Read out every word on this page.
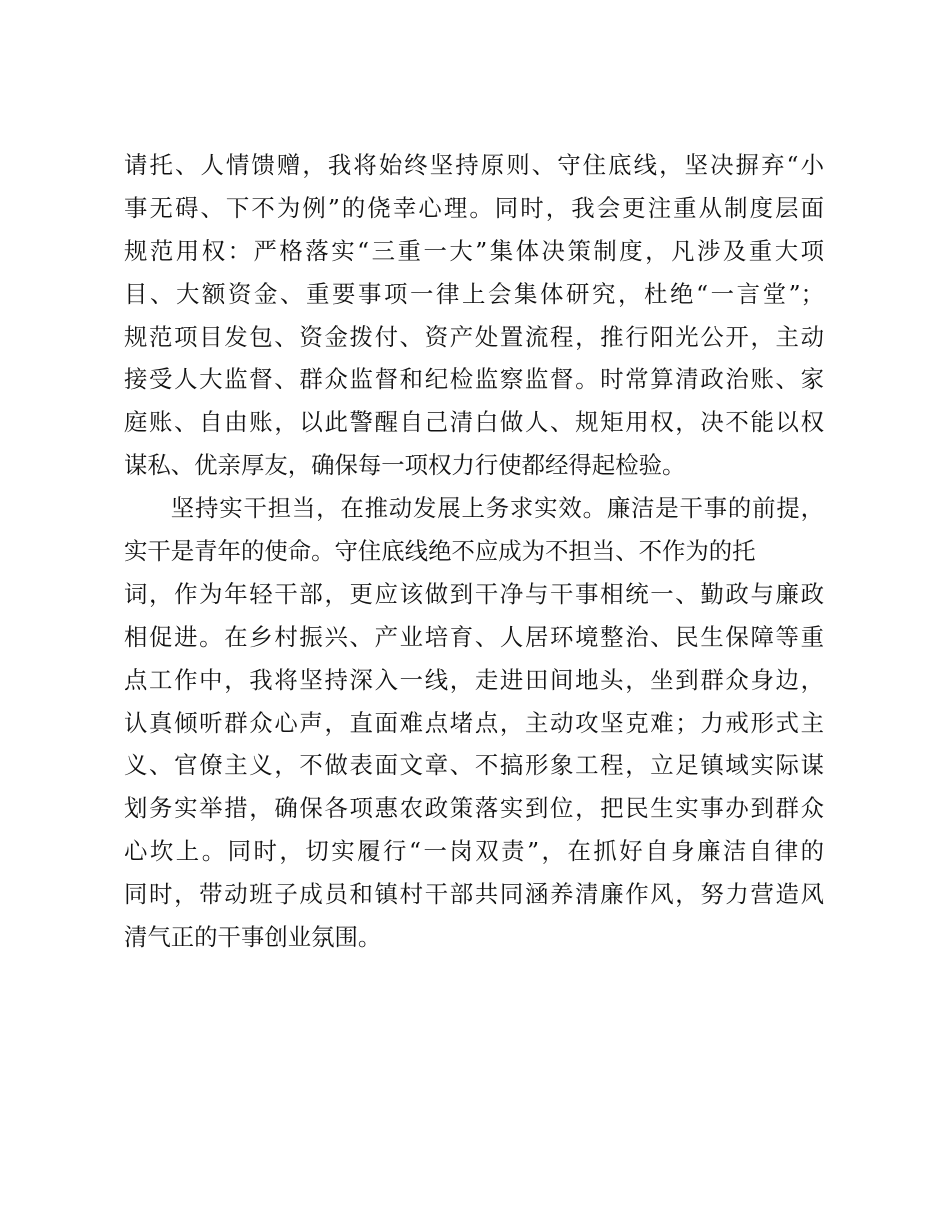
请托、人情馈赠，我将始终坚持原则、守住底线，坚决摒弃“小
事无碍、下不为例”的侥幸心理。同时，我会更注重从制度层面
规范用权：严格落实“三重一大”集体决策制度，凡涉及重大项
目、大额资金、重要事项一律上会集体研究，杜绝“一言堂”；
规范项目发包、资金拨付、资产处置流程，推行阳光公开，主动
接受人大监督、群众监督和纪检监察监督。时常算清政治账、家
庭账、自由账，以此警醒自己清白做人、规矩用权，决不能以权
谋私、优亲厚友，确保每一项权力行使都经得起检验。
坚持实干担当，在推动发展上务求实效。廉洁是干事的前提，
实干是青年的使命。守住底线绝不应成为不担当、不作为的托
词，作为年轻干部，更应该做到干净与干事相统一、勤政与廉政
相促进。在乡村振兴、产业培育、人居环境整治、民生保障等重
点工作中，我将坚持深入一线，走进田间地头，坐到群众身边，
认真倾听群众心声，直面难点堵点，主动攻坚克难；力戒形式主
义、官僚主义，不做表面文章、不搞形象工程，立足镇域实际谋
划务实举措，确保各项惠农政策落实到位，把民生实事办到群众
心坎上。同时，切实履行“一岗双责”，在抓好自身廉洁自律的
同时，带动班子成员和镇村干部共同涵养清廉作风，努力营造风
清气正的干事创业氛围。
